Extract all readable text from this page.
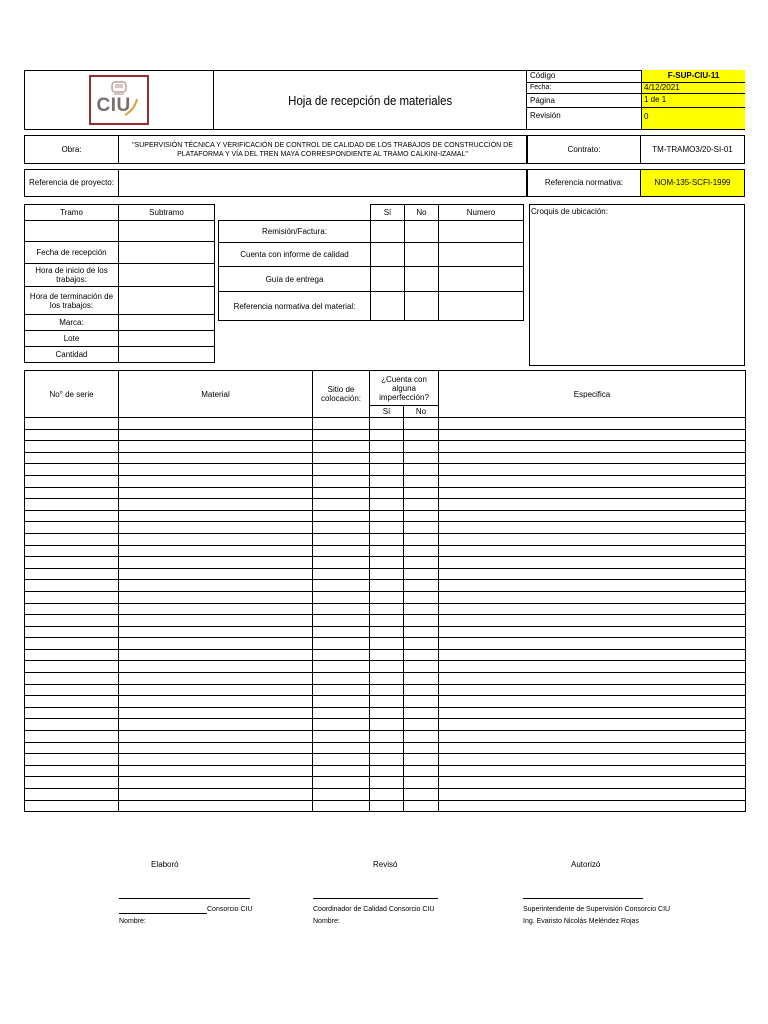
CIU	Hoja de recepción de materiales
Código	F-SUP-CIU-11
Fecha:	4/12/2021
Página	1 de 1
Revisión	0
Obra:	"SUPERVISIÓN TÉCNICA Y VERIFICACIÓN DE CONTROL DE CALIDAD DE LOS TRABAJOS DE CONSTRUCCIÓN DE PLATAFORMA Y VÍA DEL TREN MAYA CORRESPONDIENTE AL TRAMO CALKINI-IZAMAL"
Contrato:	TM-TRAMO3/20-SI-01
Referencia de proyecto:	Referencia normativa:	NOM-135-SCFI-1999
Tramo	Subtramo

Fecha de recepción	
Hora de inicio de los trabajos:	
Hora de terminación de los trabajos:	
Marca:	
Lote	
Cantidad	
	Sí	No	Numero
Remisión/Factura:			
Cuenta con informe de calidad			
Guía de entrega			
Referencia normativa del material:			
Croquis de ubicación:
No° de serie	Material	Sitio de colocación:	¿Cuenta con alguna imperfección?		Especifica
			Sí	No	

Elaboró	Revisó	Autorizó
Consorcio CIU
Nombre:
Coordinador de Calidad Consorcio CIU
Nombre:
Superintendente de Supervisión Consorcio CIU
Ing. Evaristo Nicolás Meléndez Rojas
